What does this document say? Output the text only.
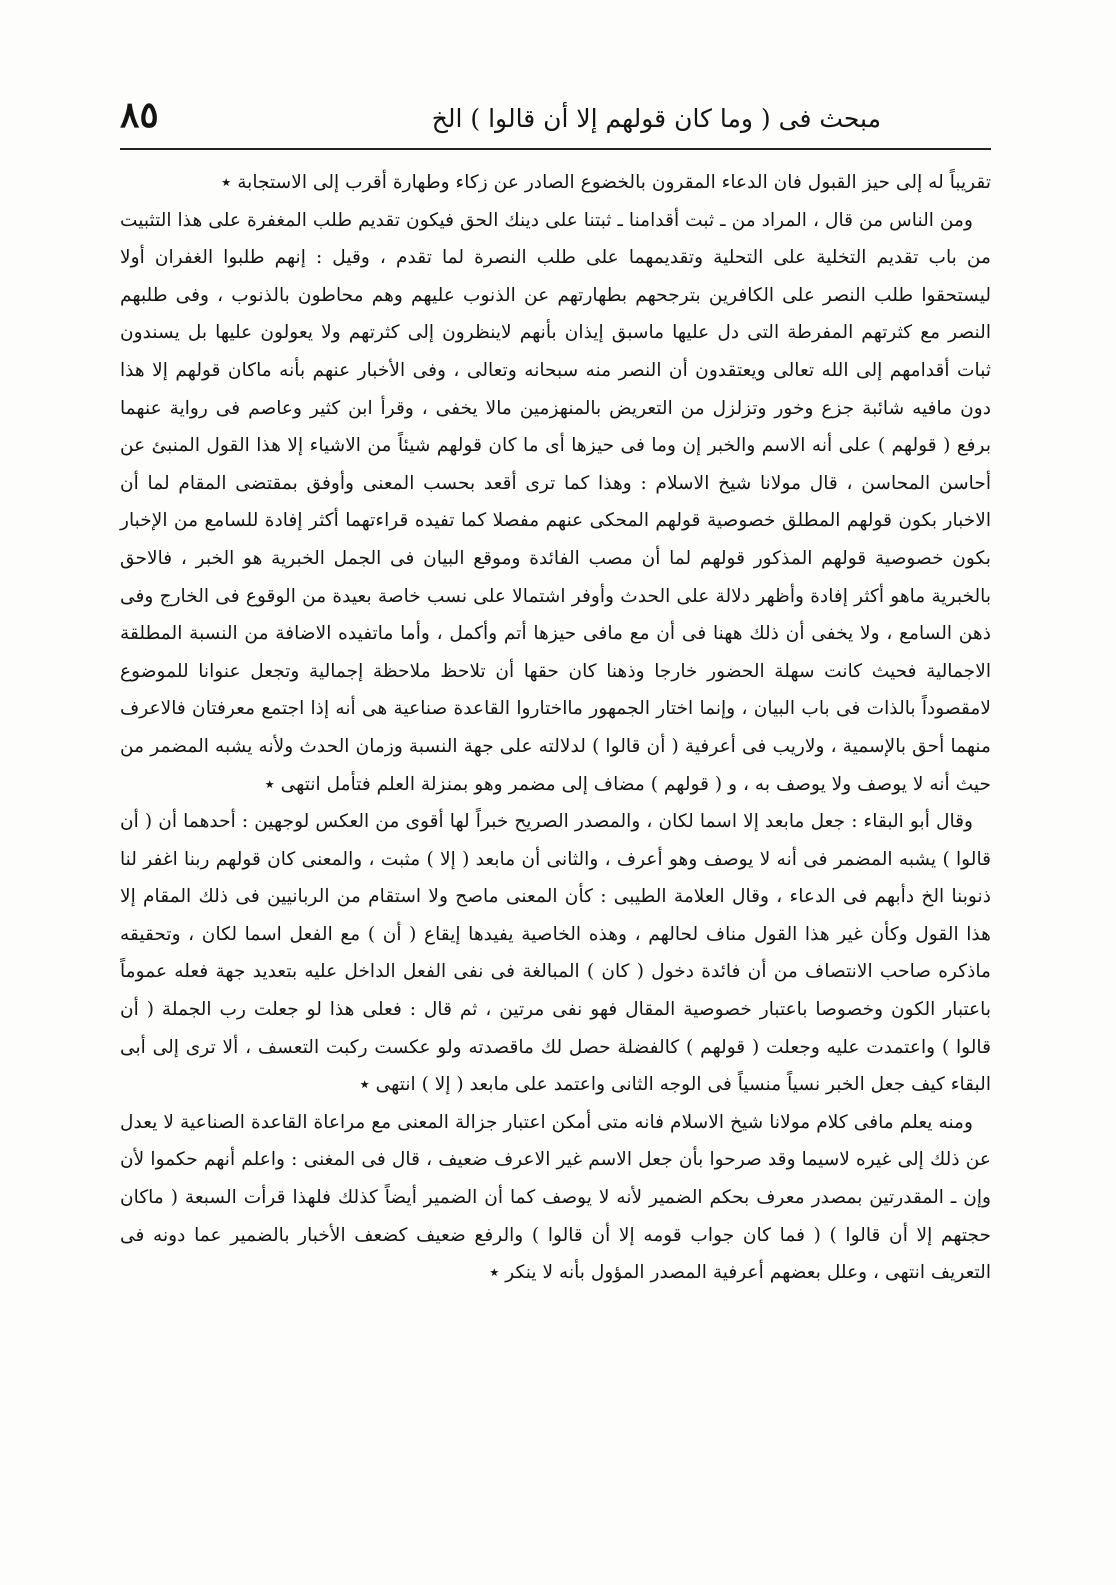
مبحث فى ( وما كان قولهم إلا أن قالوا ) الخ
٨٥

تقريباً له إلى حيز القبول فان الدعاء المقرون بالخضوع الصادر عن زكاء وطهارة أقرب إلى الاستجابة ٭

ومن الناس من قال ، المراد من ـ ثبت أقدامنا ـ ثبتنا على دينك الحق فيكون تقديم طلب المغفرة على هذا التثبيت من باب تقديم التخلية على التحلية وتقديمهما على طلب النصرة لما تقدم ، وقيل : إنهم طلبوا الغفران أولا ليستحقوا طلب النصر على الكافرين بترجحهم بطهارتهم عن الذنوب عليهم وهم محاطون بالذنوب ، وفى طلبهم النصر مع كثرتهم المفرطة التى دل عليها ماسبق إيذان بأنهم لاينظرون إلى كثرتهم ولا يعولون عليها بل يسندون ثبات أقدامهم إلى الله تعالى ويعتقدون أن النصر منه سبحانه وتعالى ، وفى الأخبار عنهم بأنه ماكان قولهم إلا هذا دون مافيه شائبة جزع وخور وتزلزل من التعريض بالمنهزمين مالا يخفى ، وقرأ ابن كثير وعاصم فى رواية عنهما برفع ( قولهم ) على أنه الاسم والخبر إن وما فى حيزها أى ما كان قولهم شيئاً من الاشياء إلا هذا القول المنبئ عن أحاسن المحاسن ، قال مولانا شيخ الاسلام : وهذا كما ترى أقعد بحسب المعنى وأوفق بمقتضى المقام لما أن الاخبار بكون قولهم المطلق خصوصية قولهم المحكى عنهم مفصلا كما تفيده قراءتهما أكثر إفادة للسامع من الإخبار بكون خصوصية قولهم المذكور قولهم لما أن مصب الفائدة وموقع البيان فى الجمل الخبرية هو الخبر ، فالاحق بالخبرية ماهو أكثر إفادة وأظهر دلالة على الحدث وأوفر اشتمالا على نسب خاصة بعيدة من الوقوع فى الخارج وفى ذهن السامع ، ولا يخفى أن ذلك ههنا فى أن مع مافى حيزها أتم وأكمل ، وأما ماتفيده الاضافة من النسبة المطلقة الاجمالية فحيث كانت سهلة الحضور خارجا وذهنا كان حقها أن تلاحظ ملاحظة إجمالية وتجعل عنوانا للموضوع لامقصوداً بالذات فى باب البيان ، وإنما اختار الجمهور مااختاروا القاعدة صناعية هى أنه إذا اجتمع معرفتان فالاعرف منهما أحق بالإسمية ، ولاريب فى أعرفية ( أن قالوا ) لدلالته على جهة النسبة وزمان الحدث ولأنه يشبه المضمر من حيث أنه لا يوصف ولا يوصف به ، و ( قولهم ) مضاف إلى مضمر وهو بمنزلة العلم فتأمل انتهى ٭

وقال أبو البقاء : جعل مابعد إلا اسما لكان ، والمصدر الصريح خبراً لها أقوى من العكس لوجهين : أحدهما أن ( أن قالوا ) يشبه المضمر فى أنه لا يوصف وهو أعرف ، والثانى أن مابعد ( إلا ) مثبت ، والمعنى كان قولهم ربنا اغفر لنا ذنوبنا الخ دأبهم فى الدعاء ، وقال العلامة الطيبى : كأن المعنى ماصح ولا استقام من الربانيين فى ذلك المقام إلا هذا القول وكأن غير هذا القول مناف لحالهم ، وهذه الخاصية يفيدها إيقاع ( أن ) مع الفعل اسما لكان ، وتحقيقه ماذكره صاحب الانتصاف من أن فائدة دخول ( كان ) المبالغة فى نفى الفعل الداخل عليه بتعديد جهة فعله عموماً باعتبار الكون وخصوصا باعتبار خصوصية المقال فهو نفى مرتين ، ثم قال : فعلى هذا لو جعلت رب الجملة ( أن قالوا ) واعتمدت عليه وجعلت ( قولهم ) كالفضلة حصل لك ماقصدته ولو عكست ركبت التعسف ، ألا ترى إلى أبى البقاء كيف جعل الخبر نسياً منسياً فى الوجه الثانى واعتمد على مابعد ( إلا ) انتهى ٭

ومنه يعلم مافى كلام مولانا شيخ الاسلام فانه متى أمكن اعتبار جزالة المعنى مع مراعاة القاعدة الصناعية لا يعدل عن ذلك إلى غيره لاسيما وقد صرحوا بأن جعل الاسم غير الاعرف ضعيف ، قال فى المغنى : واعلم أنهم حكموا لأن وإن ـ المقدرتين بمصدر معرف بحكم الضمير لأنه لا يوصف كما أن الضمير أيضاً كذلك فلهذا قرأت السبعة ( ماكان حجتهم إلا أن قالوا ) ( فما كان جواب قومه إلا أن قالوا ) والرفع ضعيف كضعف الأخبار بالضمير عما دونه فى التعريف انتهى ، وعلل بعضهم أعرفية المصدر المؤول بأنه لا ينكر ٭
